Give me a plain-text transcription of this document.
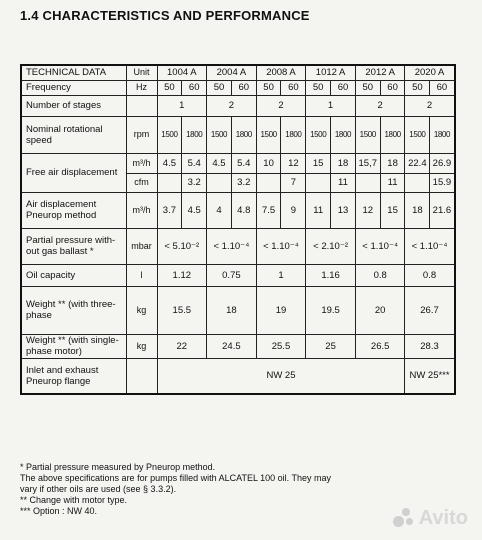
1.4 CHARACTERISTICS AND PERFORMANCE
TECHNICAL DATA	Unit	1004 A		2004 A		2008 A		1012 A		2012 A		2020 A	
Frequency	Hz	50	60	50	60	50	60	50	60	50	60	50	60
Number of stages		1		2		2		1		2		2	
Nominal rotational speed	rpm	1500	1800	1500	1800	1500	1800	1500	1800	1500	1800	1500	1800
Free air displacement	m³/h	4.5	5.4	4.5	5.4	10	12	15	18	15,7	18	22.4	26.9
	cfm		3.2		3.2		7		11		11		15.9
Air displacement Pneurop method	m³/h	3.7	4.5	4	4.8	7.5	9	11	13	12	15	18	21.6
Partial pressure with-out gas ballast *	mbar	< 5.10⁻²		< 1.10⁻⁴		< 1.10⁻⁴		< 2.10⁻²		< 1.10⁻⁴		< 1.10⁻⁴	
Oil capacity	l	1.12		0.75		1		1.16		0.8		0.8	
Weight ** (with three-phase	kg	15.5		18		19		19.5		20		26.7	
Weight ** (with single-phase motor)	kg	22		24.5		25.5		25		26.5		28.3	
Inlet and exhaust Pneurop flange		NW 25										NW 25***	
* Partial pressure measured by Pneurop method.
The above specifications are for pumps filled with ALCATEL 100 oil. They may
vary if other oils are used (see § 3.3.2).
** Change with motor type.
*** Option : NW 40.	Avito
